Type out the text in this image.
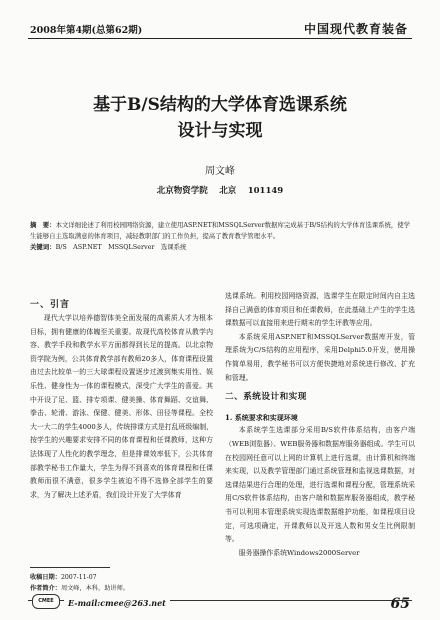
2008年第4期(总第62期)	中国现代教育装备
基于B/S结构的大学体育选课系统
设计与实现
周文峰
北京物资学院　 北京　 101149
摘　要：本文详细论述了利用校园网络资源，建立使用ASP.NET和MSSQLServer数据库完成基于B/S结构的大学体育选课系统，使学生能够自主选取满意的体育项目，减轻教职部门的工作负担，提高了教育教学管理水平。
关键词：B/S　ASP.NET　MSSQLServer　选课系统
一、引言

现代大学以培养德智体美全面发展的高素质人才为根本目标，拥有健康的体魄至关重要。故现代高校体育从教学内容、教学手段和教学水平方面都得到长足的提高。以北京物资学院为例，公共体育教学部有教师20多人，体育课程设置由过去比较单一的三大球课程设置逐步过渡到集实用性、娱乐性、健身性为一体的课程模式，深受广大学生的喜爱。其中开设了足、篮、排专项课、健美操、体育舞蹈、交谊舞、拳击、轮滑、游泳、保健、健美、形体、田径等课程。全校大一大二的学生4000多人，传统排课方式是打乱班级编制，按学生的兴趣要求安排不同的体育课程和任课教师，这种方法体现了人性化的教学理念，但是排课效率低下，公共体育部教学秘书工作量大，学生为得不到喜欢的体育课程和任课教师而很不满意，很多学生被迫不得不选修全部学生的要求，为了解决上述矛盾，我们设计开发了大学体育

选课系统。利用校园网络资源，选课学生在限定时间内自主选择自己满意的体育项目和任课教师，在此基础上产生的学生选课数据可以直接用来进行期末的学生评教等应用。

本系统采用ASP.NET和MSSQLServer数据库开发，管理系统为C/S结构的应用程序，采用Delphi5.0开发，使用操作简单易用，教学秘书可以方便快捷地对系统进行修改、扩充和管理。

二、系统设计和实现
1. 系统要求和实现环境

本系统学生选课部分采用B/S软件体系结构，由客户端（WEB浏览器）、WEB服务器和数据库服务器组成。学生可以在校园网任意可以上网的计算机上进行选课，由计算机和终端来实现，以及教学管理部门通过系统管理和监视选课数据，对选课结果进行合理的处理，进行选课和课程分配，管理系统采用C/S软件体系结构，由客户端和数据库服务器组成，教学秘书可以利用本管理系统实现选课数据维护功能，如课程项目设定，可选项确定，开课教师以及开选人数和男女生比例限制等。

服务器操作系统Windows2000Server

收稿日期：2007-11-07
作者简介：周文峰，本科，助讲师。
CMEE	E-mail:cmee@263.net	65
